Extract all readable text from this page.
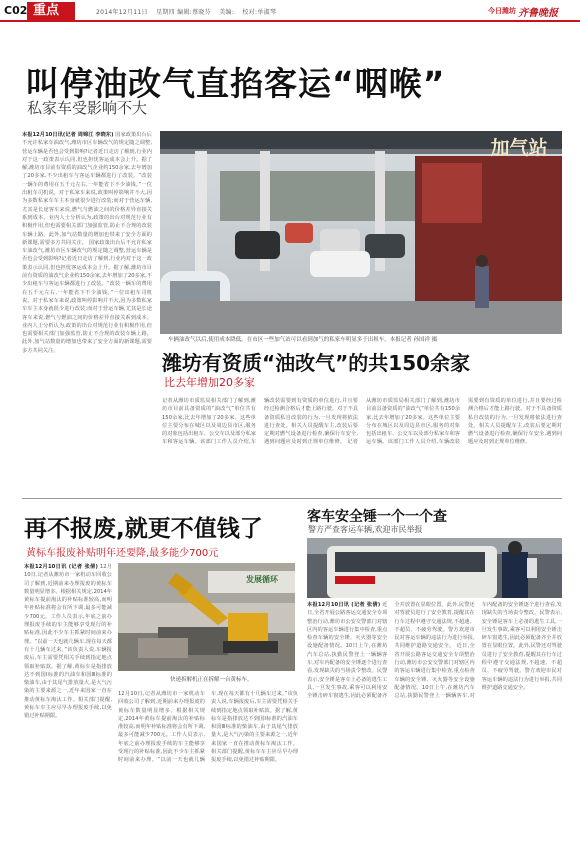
C02 重点	2014年12月11日 星期四 编辑:蔡晓芬 美编: 校对:单淑琴	今日潍坊 齐鲁晚报
叫停油改气直掐客运“咽喉”
私家车受影响不大
本报12月10日讯(记者 周锦江 李晓东) 国家政策出台后不允许私家车油改气,潍坊市区车辆改气的规定随之调整,营运车辆是否也会受到影响?记者近日走访了解到,行业内对于这一政策表示认同,但也担忧客运成本会上升。据了解,潍坊市目前有资质的油改气企业约150余家,去年增加了20多家,不少出租车与客运车辆都进行了改装。“改装一辆车的费用在五千元左右,一年能省下不少油钱。”一位出租车司机说。对于私家车来说,政策叫停影响并不大,因为多数私家车车主本身就很少进行改装;而对于营运车辆,尤其是长途客车来说,燃气与燃油之间的价格差异直接关系到成本。业内人士分析认为,政策的出台对规范行业有积极作用,但也需要相关部门加强监管,防止不合规的改装车辆上路。此外,加气站数量的增加也带来了安全方面的新课题,需要多方共同关注。 国家政策出台后不允许私家车油改气,潍坊市区车辆改气的规定随之调整,营运车辆是否也会受到影响?记者近日走访了解到,行业内对于这一政策表示认同,但也担忧客运成本会上升。据了解,潍坊市目前有资质的油改气企业约150余家,去年增加了20多家,不少出租车与客运车辆都进行了改装。“改装一辆车的费用在五千元左右,一年能省下不少油钱。”一位出租车司机说。对于私家车来说,政策叫停影响并不大,因为多数私家车车主本身就很少进行改装;而对于营运车辆,尤其是长途客车来说,燃气与燃油之间的价格差异直接关系到成本。业内人士分析认为,政策的出台对规范行业有积极作用,但也需要相关部门加强监管,防止不合规的改装车辆上路。此外,加气站数量的增加也带来了安全方面的新课题,需要多方共同关注。
加气站
车辆油改气以后,使用成本降低。在市区一些加气站可以看到加气的私家车明显多于出租车。本报记者 孙国祥 摄
潍坊有资质“油改气”的共150余家
比去年增加20多家
记者从潍坊市质监局相关部门了解到,潍坊市目前具备资质的“油改气”单位共有150余家,比去年增加了20多家。这些单位主要分布在城区以及周边县市区,服务的对象包括出租车、公交车以及部分私家车和客运车辆。该部门工作人员介绍,车辆改装需要到有资质的单位进行,并且要经过检测合格后才能上路行驶。对于不具备资质私自改装的行为,一旦发现将依法进行查处。相关人员提醒车主,改装后要定期对燃气设备进行检查,确保行车安全,遇到问题应及时到正规单位维修。 记者从潍坊市质监局相关部门了解到,潍坊市目前具备资质的“油改气”单位共有150余家,比去年增加了20多家。这些单位主要分布在城区以及周边县市区,服务的对象包括出租车、公交车以及部分私家车和客运车辆。该部门工作人员介绍,车辆改装需要到有资质的单位进行,并且要经过检测合格后才能上路行驶。对于不具备资质私自改装的行为,一旦发现将依法进行查处。相关人员提醒车主,改装后要定期对燃气设备进行检查,确保行车安全,遇到问题应及时到正规单位维修。
再不报废,就更不值钱了
黄标车报废补贴明年还要降,最多能少700元
本报12月10日讯 (记者 张倩) 12月10日,记者从潍坊市一家机动车回收公司了解到,近期前来办理报废的黄标车数量明显增多。根据相关规定,2014年黄标车提前淘汰的补贴标准较高,而明年补贴标准将会有所下调,最多可能减少700元。工作人员表示,年底之前办理报废手续的车主能够享受现行的补贴标准,因此不少车主抓紧时间前来办理。“以前一天也就几辆车,现在每天都有十几辆车过来。”该负责人说,车辆报废后,车主需要凭相关手续到指定地点领取补贴款。据了解,黄标车是指排放达不到国Ⅰ标准的汽油车和国Ⅲ标准的柴油车,由于其尾气排放量大,是大气污染的主要来源之一,近年来国家一直在推动黄标车淘汰工作。相关部门提醒,黄标车车主应尽早办理报废手续,以免错过补贴期限。
发展循环
快递拆解机正在拆解一台黄标车。
12月10日,记者从潍坊市一家机动车回收公司了解到,近期前来办理报废的黄标车数量明显增多。根据相关规定,2014年黄标车提前淘汰的补贴标准较高,而明年补贴标准将会有所下调,最多可能减少700元。工作人员表示,年底之前办理报废手续的车主能够享受现行的补贴标准,因此不少车主抓紧时间前来办理。“以前一天也就几辆车,现在每天都有十几辆车过来。”该负责人说,车辆报废后,车主需要凭相关手续到指定地点领取补贴款。据了解,黄标车是指排放达不到国Ⅰ标准的汽油车和国Ⅲ标准的柴油车,由于其尾气排放量大,是大气污染的主要来源之一,近年来国家一直在推动黄标车淘汰工作。相关部门提醒,黄标车车主应尽早办理报废手续,以免错过补贴期限。
客车安全锤一个一个查
警方严查客运车辆,欢迎市民举报
本报12月10日讯 (记者 张倩) 近日,全省开展公路客运交通安全专项整治行动,潍坊市公安交警部门对辖区内的客运车辆进行集中检查,重点检查车辆的安全锤、灭火器等安全设施配备情况。10日上午,在潍坊汽车总站,执勤民警登上一辆辆客车,对车内配备的安全锤逐个进行查看,发现缺失的当场责令整改。民警表示,安全锤是客车上必备的逃生工具,一旦发生事故,乘客可以利用安全锤击碎车窗逃生,因此必须配备齐全并放置在显眼位置。此外,民警还对驾驶员进行了安全教育,提醒其在行车过程中遵守交通法规,不超速、不超员、不疲劳驾驶。警方欢迎市民对客运车辆的违法行为进行举报,共同维护道路交通安全。 近日,全省开展公路客运交通安全专项整治行动,潍坊市公安交警部门对辖区内的客运车辆进行集中检查,重点检查车辆的安全锤、灭火器等安全设施配备情况。10日上午,在潍坊汽车总站,执勤民警登上一辆辆客车,对车内配备的安全锤逐个进行查看,发现缺失的当场责令整改。民警表示,安全锤是客车上必备的逃生工具,一旦发生事故,乘客可以利用安全锤击碎车窗逃生,因此必须配备齐全并放置在显眼位置。此外,民警还对驾驶员进行了安全教育,提醒其在行车过程中遵守交通法规,不超速、不超员、不疲劳驾驶。警方欢迎市民对客运车辆的违法行为进行举报,共同维护道路交通安全。
